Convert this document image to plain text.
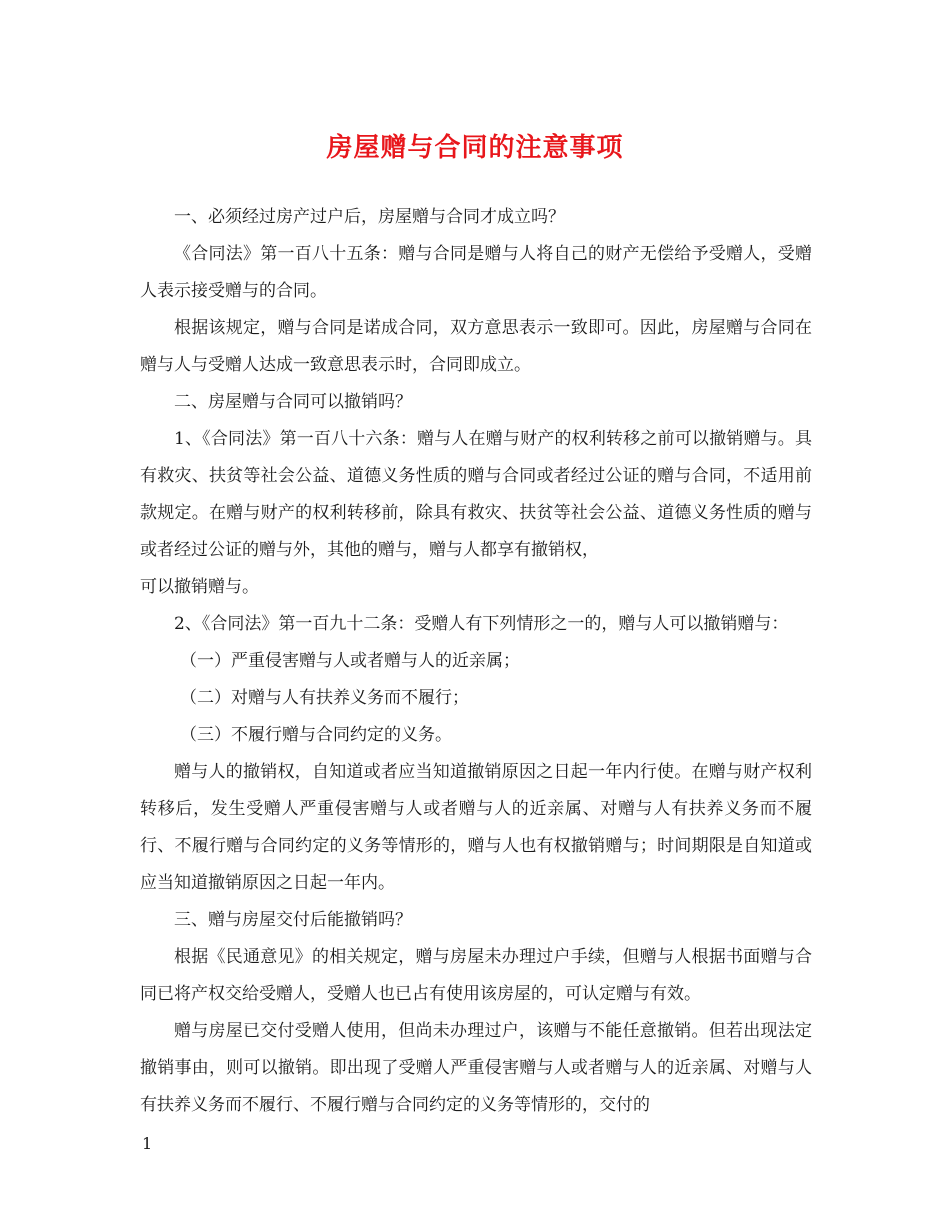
房屋赠与合同的注意事项

一、必须经过房产过户后，房屋赠与合同才成立吗？

《合同法》第一百八十五条：赠与合同是赠与人将自己的财产无偿给予受赠人，受赠人表示接受赠与的合同。

根据该规定，赠与合同是诺成合同，双方意思表示一致即可。因此，房屋赠与合同在赠与人与受赠人达成一致意思表示时，合同即成立。

二、房屋赠与合同可以撤销吗？

1、《合同法》第一百八十六条：赠与人在赠与财产的权利转移之前可以撤销赠与。具有救灾、扶贫等社会公益、道德义务性质的赠与合同或者经过公证的赠与合同，不适用前款规定。在赠与财产的权利转移前，除具有救灾、扶贫等社会公益、道德义务性质的赠与或者经过公证的赠与外，其他的赠与，赠与人都享有撤销权，

可以撤销赠与。

2、《合同法》第一百九十二条：受赠人有下列情形之一的，赠与人可以撤销赠与：

（一）严重侵害赠与人或者赠与人的近亲属；

（二）对赠与人有扶养义务而不履行；

（三）不履行赠与合同约定的义务。

赠与人的撤销权，自知道或者应当知道撤销原因之日起一年内行使。在赠与财产权利转移后，发生受赠人严重侵害赠与人或者赠与人的近亲属、对赠与人有扶养义务而不履行、不履行赠与合同约定的义务等情形的，赠与人也有权撤销赠与；时间期限是自知道或应当知道撤销原因之日起一年内。

三、赠与房屋交付后能撤销吗？

根据《民通意见》的相关规定，赠与房屋未办理过户手续，但赠与人根据书面赠与合同已将产权交给受赠人，受赠人也已占有使用该房屋的，可认定赠与有效。

赠与房屋已交付受赠人使用，但尚未办理过户，该赠与不能任意撤销。但若出现法定撤销事由，则可以撤销。即出现了受赠人严重侵害赠与人或者赠与人的近亲属、对赠与人有扶养义务而不履行、不履行赠与合同约定的义务等情形的，交付的

1
